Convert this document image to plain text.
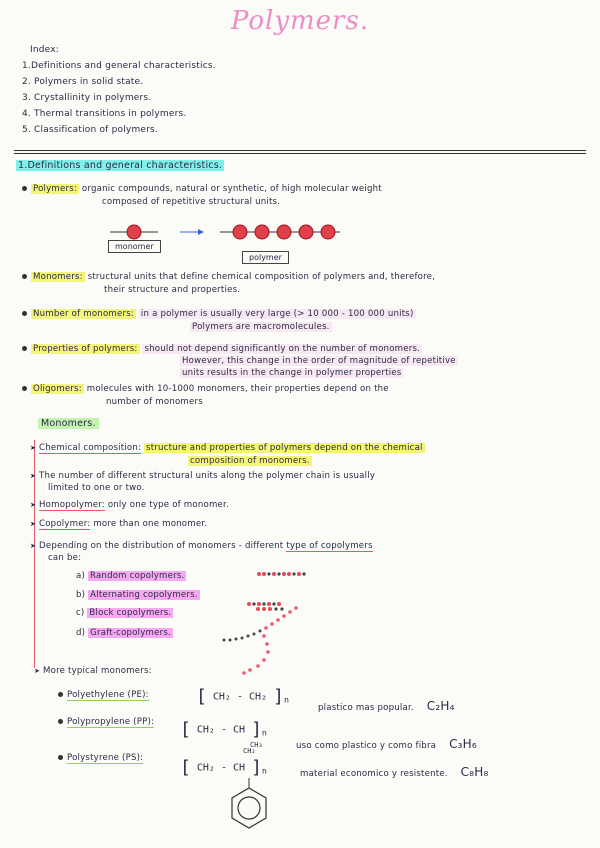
Polymers.
Index:
1.Definitions and general characteristics.
2. Polymers in solid state.
3. Crystallinity in polymers.
4. Thermal transitions in polymers.
5. Classification of polymers.
1.Definitions and general characteristics.
Polymers: organic compounds, natural or synthetic, of high molecular weight
composed of repetitive structural units.
monomer
polymer
Monomers: structural units that define chemical composition of polymers and, therefore,
their structure and properties.
Number of monomers: in a polymer is usually very large (> 10 000 - 100 000 units)
Polymers are macromolecules.
Properties of polymers: should not depend significantly on the number of monomers.
However, this change in the order of magnitude of repetitive
units results in the change in polymer properties
Oligomers: molecules with 10-1000 monomers, their properties depend on the
number of monomers
Monomers.
➤ Chemical composition: structure and properties of polymers depend on the chemical
composition of monomers.
➤ The number of different structural units along the polymer chain is usually
limited to one or two.
➤ Homopolymer: only one type of monomer.
➤ Copolymer: more than one monomer.
➤ Depending on the distribution of monomers - different type of copolymers
can be:
a) Random copolymers.
b) Alternating copolymers.
c) Block copolymers.
d) Graft-copolymers.
➤ More typical monomers:
Polyethylene (PE):	[ CH₂ - CH₂ ]$_n$
plastico mas popular. C₂H₄
Polypropylene (PP): [ CH₂ - CH ]$_n$
CH₃	uso como plastico y como fibra C₃H₆
Polystyrene (PS):
CH₂
[ CH₂ - CH ]$_n$	material economico y resistente. C₈H₈
